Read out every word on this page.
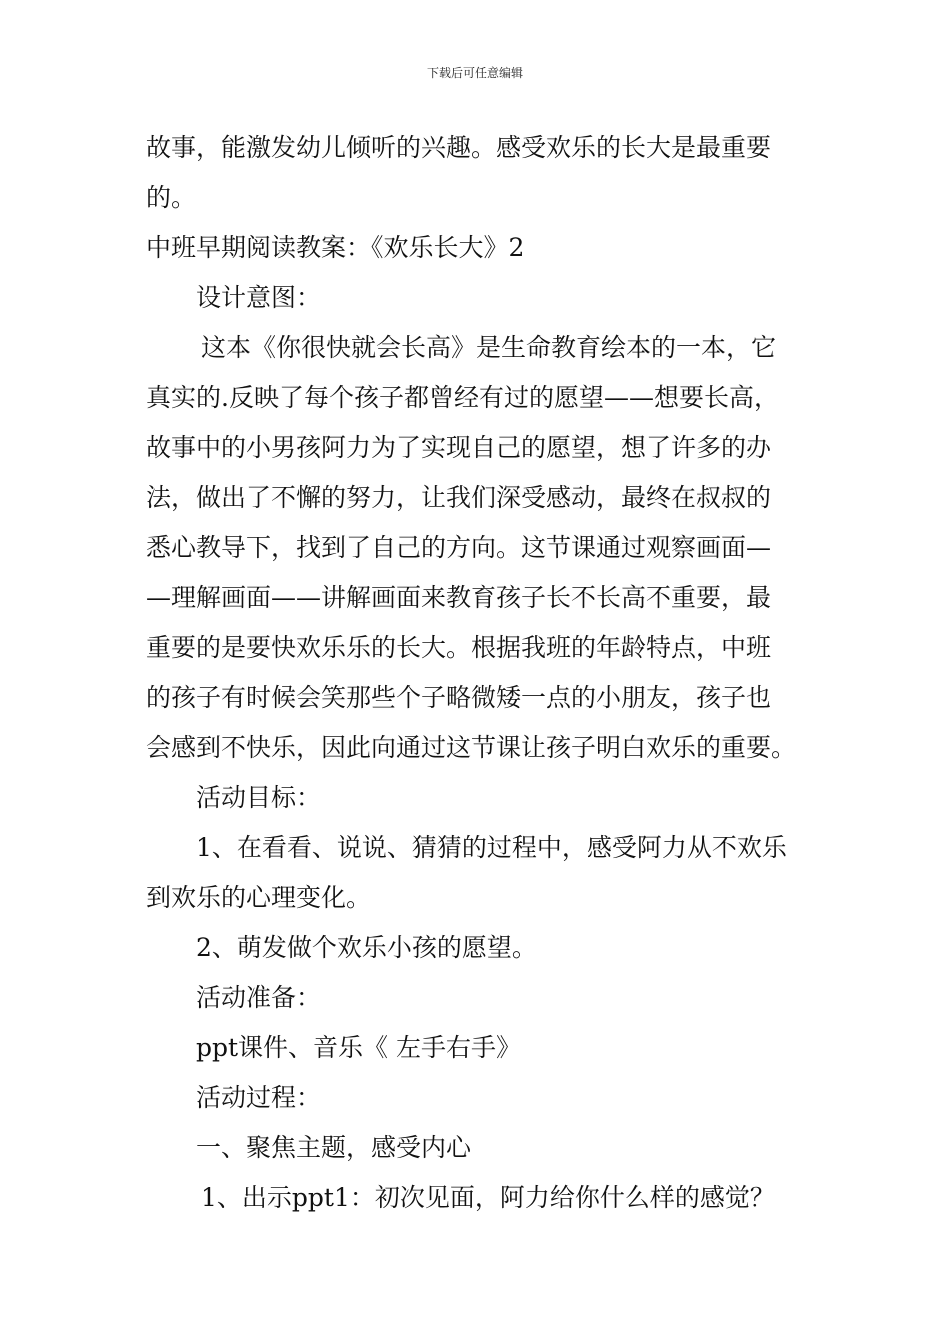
下载后可任意编辑
故事，能激发幼儿倾听的兴趣。感受欢乐的长大是最重要
的。
中班早期阅读教案：《欢乐长大》2
设计意图：
这本《你很快就会长高》是生命教育绘本的一本，它
真实的.反映了每个孩子都曾经有过的愿望——想要长高，
故事中的小男孩阿力为了实现自己的愿望，想了许多的办
法，做出了不懈的努力，让我们深受感动，最终在叔叔的
悉心教导下，找到了自己的方向。这节课通过观察画面—
—理解画面——讲解画面来教育孩子长不长高不重要，最
重要的是要快欢乐乐的长大。根据我班的年龄特点，中班
的孩子有时候会笑那些个子略微矮一点的小朋友，孩子也
会感到不快乐，因此向通过这节课让孩子明白欢乐的重要。
活动目标：
1、在看看、说说、猜猜的过程中，感受阿力从不欢乐
到欢乐的心理变化。
2、萌发做个欢乐小孩的愿望。
活动准备：
ppt课件、音乐《 左手右手》
活动过程：
一、聚焦主题，感受内心
1、出示ppt1：初次见面，阿力给你什么样的感觉？
